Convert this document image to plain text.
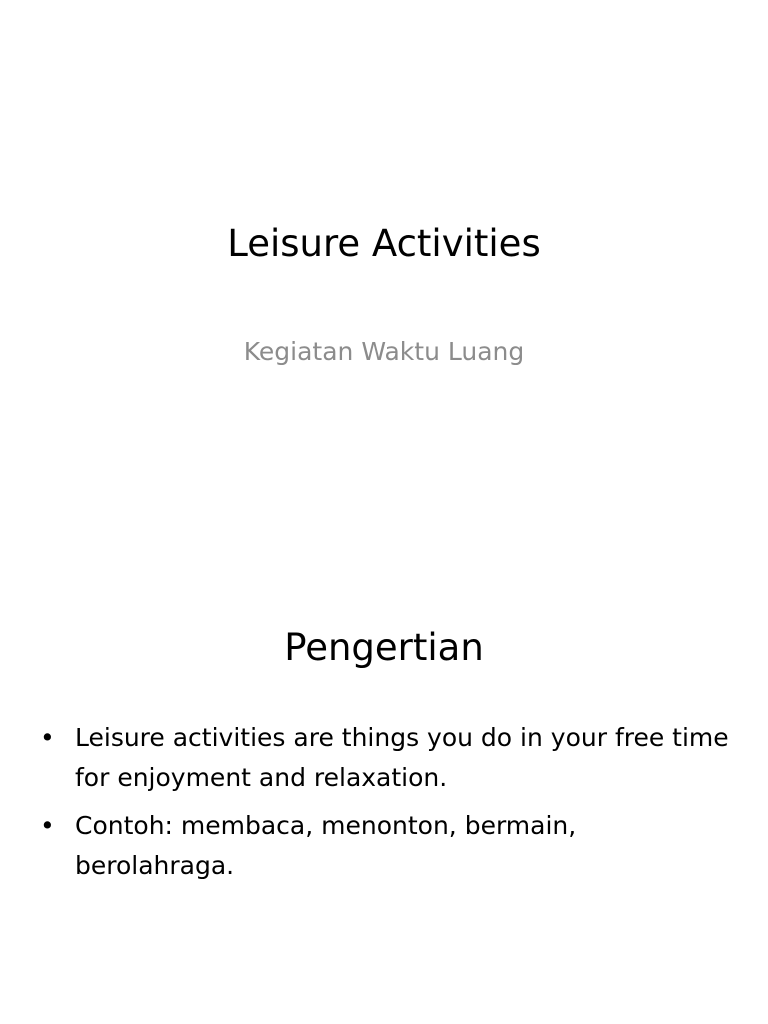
Leisure Activities

Kegiatan Waktu Luang

Pengertian
• Leisure activities are things you do in your free time for enjoyment and relaxation.
• Contoh: membaca, menonton, bermain, berolahraga.
